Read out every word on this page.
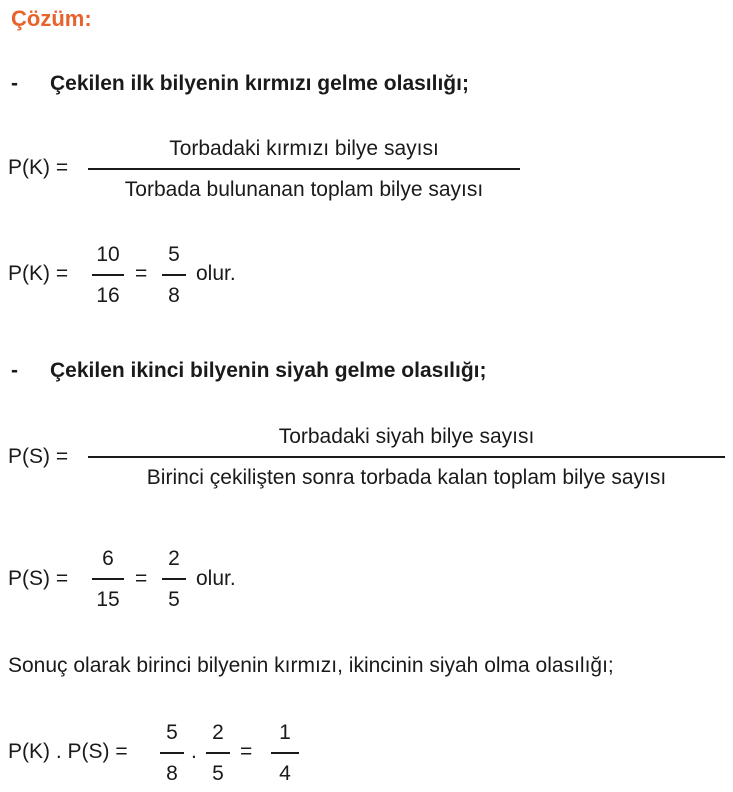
Çözüm:
- Çekilen ilk bilyenin kırmızı gelme olasılığı;
P(K) =
Torbadaki kırmızı bilye sayısı
Torbada bulunanan toplam bilye sayısı
P(K) =
10
16
=
5
8
olur.
- Çekilen ikinci bilyenin siyah gelme olasılığı;
P(S) =
Torbadaki siyah bilye sayısı
Birinci çekilişten sonra torbada kalan toplam bilye sayısı
P(S) =
6
15
=
2
5
olur.
Sonuç olarak birinci bilyenin kırmızı, ikincinin siyah olma olasılığı;
P(K) . P(S) =
5
8
.
2
5
=
1
4
